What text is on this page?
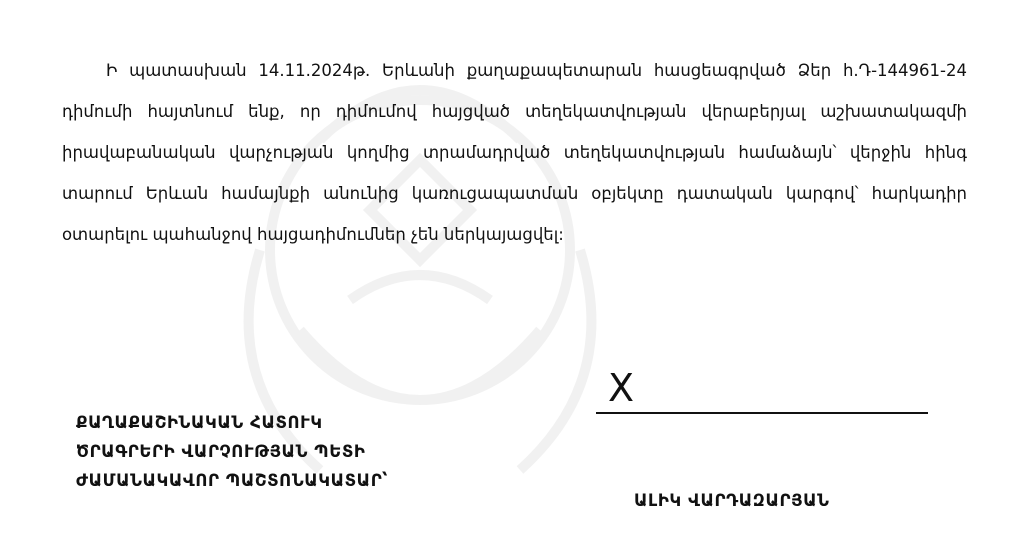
Ի պատասխան 14.11.2024թ. Երևանի քաղաքապետարան հասցեագրված Ձեր հ.Դ-144961-24 դիմումի հայտնում ենք, որ դիմումով հայցված տեղեկատվության վերաբերյալ աշխատակազմի իրավաբանական վարչության կողմից տրամադրված տեղեկատվության համաձայն՝ վերջին հինգ տարում Երևան համայնքի անունից կառուցապատման օբյեկտը դատական կարգով՝ հարկադիր օտարելու պահանջով հայցադիմումներ չեն ներկայացվել:
ՔԱՂԱՔԱՇԻՆԱԿԱՆ ՀԱՏՈՒԿ
ԾՐԱԳՐԵՐԻ ՎԱՐՉՈՒԹՅԱՆ ՊԵՏԻ
ԺԱՄԱՆԱԿԱՎՈՐ ՊԱՇՏՈՆԱԿԱՏԱՐ՝
X
ԱԼԻԿ ՎԱՐԴԱԶԱՐՅԱՆ
